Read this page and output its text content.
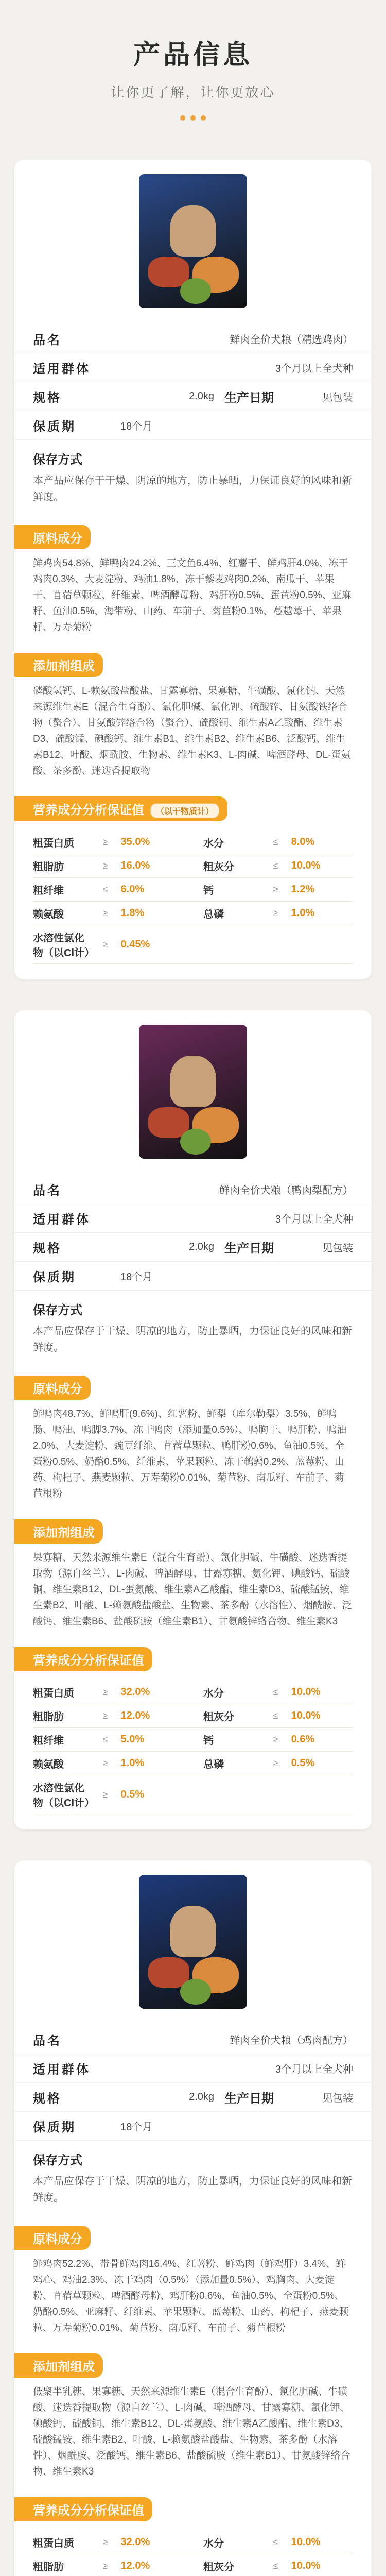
产品信息
让你更了解，让你更放心
品名	鲜肉全价犬粮（精选鸡肉）
适用群体	3个月以上全犬种
规格	2.0kg 生产日期	见包装
保质期	18个月
保存方式
本产品应保存于干燥、阴凉的地方，防止暴晒，力保证良好的风味和新鲜度。
原料成分
鲜鸡肉54.8%、鲜鸭肉24.2%、三文鱼6.4%、红薯干、鲜鸡肝4.0%、冻干鸡肉0.3%、大麦淀粉、鸡油1.8%、冻干藜麦鸡肉0.2%、南瓜干、苹果干、苜蓿草颗粒、纤维素、啤酒酵母粉、鸡肝粉0.5%、蛋黄粉0.5%、亚麻籽、鱼油0.5%、海带粉、山药、车前子、菊苣粉0.1%、蔓越莓干、苹果籽、万寿菊粉
添加剂组成
磷酸氢钙、L-赖氨酸盐酸盐、甘露寡糖、果寡糖、牛磺酸、氯化钠、天然来源维生素E（混合生育酚）、氯化胆碱、氯化钾、硫酸锌、甘氨酸铁络合物（螯合）、甘氨酸锌络合物（螯合）、硫酸铜、维生素A乙酸酯、维生素D3、硫酸锰、碘酸钙、维生素B1、维生素B2、维生素B6、泛酸钙、维生素B12、叶酸、烟酰胺、生物素、维生素K3、L-肉碱、啤酒酵母、DL-蛋氨酸、茶多酚、迷迭香提取物
营养成分分析保证值 （以干物质计）
粗蛋白质	≥	35.0%		水分	≤	8.0%
粗脂肪	≥	16.0%		粗灰分	≤	10.0%
粗纤维	≤	6.0%		钙	≥	1.2%
赖氨酸	≥	1.8%		总磷	≥	1.0%
水溶性氯化物（以Cl计）	≥	0.45%				
品名	鲜肉全价犬粮（鸭肉梨配方）
适用群体	3个月以上全犬种
规格	2.0kg 生产日期	见包装
保质期	18个月
保存方式
本产品应保存于干燥、阴凉的地方，防止暴晒，力保证良好的风味和新鲜度。
原料成分
鲜鸭肉48.7%、鲜鸭肝(9.6%)、红薯粉、鲜梨（库尔勒梨）3.5%、鲜鸭肠、鸭油、鸭脚3.7%、冻干鸭肉（添加量0.5%）、鸭胸干、鸭肝粉、鸭油2.0%、大麦淀粉、豌豆纤维、苜蓿草颗粒、鸭肝粉0.6%、鱼油0.5%、全蛋粉0.5%、奶酪0.5%、纤维素、苹果颗粒、冻干鹌鹑0.2%、蓝莓粉、山药、枸杞子、燕麦颗粒、万寿菊粉0.01%、菊苣粉、南瓜籽、车前子、菊苣根粉
添加剂组成
果寡糖、天然来源维生素E（混合生育酚）、氯化胆碱、牛磺酸、迷迭香提取物（源自丝兰）、L-肉碱、啤酒酵母、甘露寡糖、氨化钾、碘酸钙、硫酸铜、维生素B12、DL-蛋氨酸、维生素A乙酸酯、维生素D3、硫酸锰铵、维生素B2、叶酸、L-赖氨酸盐酸盐、生物素、茶多酚（水溶性）、烟酰胺、泛酸钙、维生素B6、盐酸硫胺（维生素B1）、甘氨酸锌络合物、维生素K3
营养成分分析保证值
粗蛋白质	≥	32.0%		水分	≤	10.0%
粗脂肪	≥	12.0%		粗灰分	≤	10.0%
粗纤维	≤	5.0%		钙	≥	0.6%
赖氨酸	≥	1.0%		总磷	≥	0.5%
水溶性氯化物（以Cl计）	≥	0.5%				
品名	鲜肉全价犬粮（鸡肉配方）
适用群体	3个月以上全犬种
规格	2.0kg 生产日期	见包装
保质期	18个月
保存方式
本产品应保存于干燥、阴凉的地方，防止暴晒，力保证良好的风味和新鲜度。
原料成分
鲜鸡肉52.2%、带骨鲜鸡肉16.4%、红薯粉、鲜鸡肉（鲜鸡肝）3.4%、鲜鸡心、鸡油2.3%、冻干鸡肉（0.5%）（添加量0.5%）、鸡胸肉、大麦淀粉、苜蓿草颗粒、啤酒酵母粉、鸡肝粉0.6%、鱼油0.5%、全蛋粉0.5%、奶酪0.5%、亚麻籽、纤维素、苹果颗粒、蓝莓粉、山药、枸杞子、燕麦颗粒、万寿菊粉0.01%、菊苣粉、南瓜籽、车前子、菊苣根粉
添加剂组成
低聚半乳糖、果寡糖、天然来源维生素E（混合生育酚）、氯化胆碱、牛磺酸、迷迭香提取物（源自丝兰）、L-肉碱、啤酒酵母、甘露寡糖、氯化钾、碘酸钙、硫酸铜、维生素B12、DL-蛋氨酸、维生素A乙酸酯、维生素D3、硫酸锰铵、维生素B2、叶酸、L-赖氨酸盐酸盐、生物素、茶多酚（水溶性）、烟酰胺、泛酸钙、维生素B6、盐酸硫胺（维生素B1）、甘氨酸锌络合物、维生素K3
营养成分分析保证值
粗蛋白质	≥	32.0%		水分	≤	10.0%
粗脂肪	≥	12.0%		粗灰分	≤	10.0%
